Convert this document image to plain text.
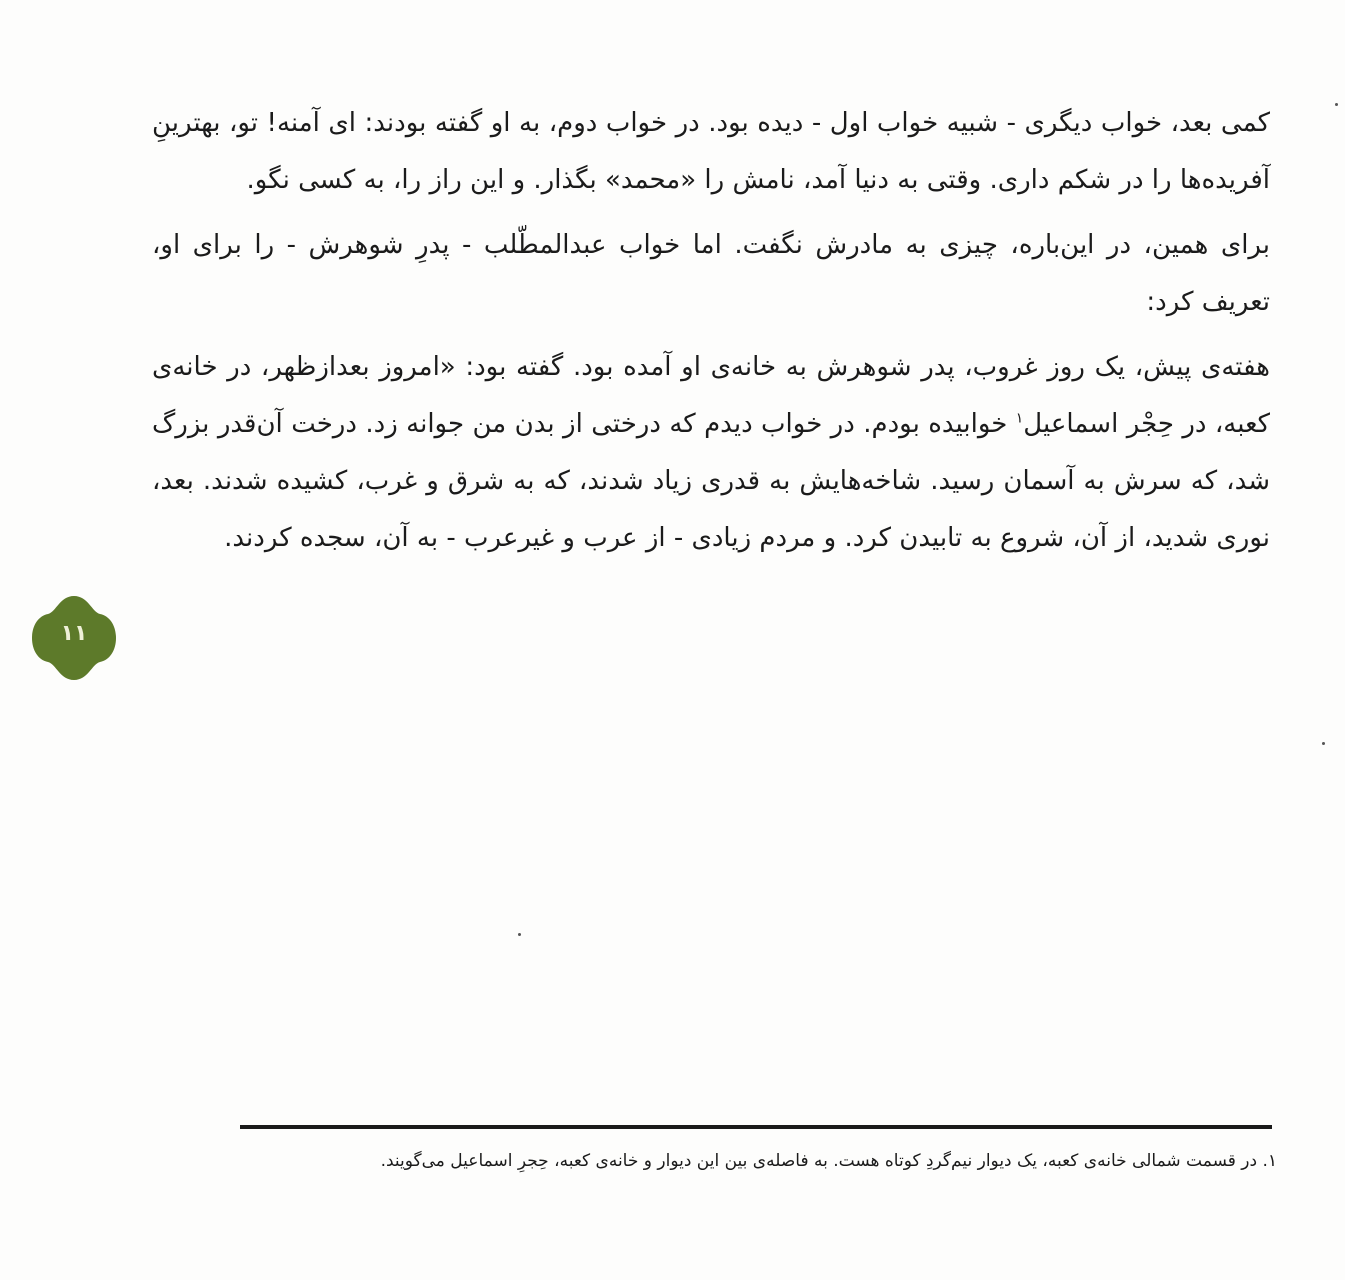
کمی بعد، خواب دیگری - شبیه خواب اول - دیده بود. در خواب دوم، به او گفته بودند: ای آمنه! تو، بهترینِ آفریده‌ها را در شکم داری. وقتی به دنیا آمد، نامش را «محمد» بگذار. و این راز را، به کسی نگو.

برای همین، در این‌باره، چیزی به مادرش نگفت. اما خواب عبدالمطّلب - پدرِ شوهرش - را برای او، تعریف کرد:

هفته‌ی پیش، یک روز غروب، پدر شوهرش به خانه‌ی او آمده بود. گفته بود: «امروز بعدازظهر، در خانه‌ی کعبه، در حِجْر اسماعیل$^۱$ خوابیده بودم. در خواب دیدم که درختی از بدن من جوانه زد. درخت آن‌قدر بزرگ شد، که سرش به آسمان رسید. شاخه‌هایش به قدری زیاد شدند، که به شرق و غرب، کشیده شدند. بعد، نوری شدید، از آن، شروع به تابیدن کرد. و مردم زیادی - از عرب و غیرعرب - به آن، سجده کردند.

۱۱
۱. در قسمت شمالی خانه‌ی کعبه، یک دیوار نیم‌گردِ کوتاه هست. به فاصله‌ی بین این دیوار و خانه‌ی کعبه، حِجرِ اسماعیل می‌گویند.
